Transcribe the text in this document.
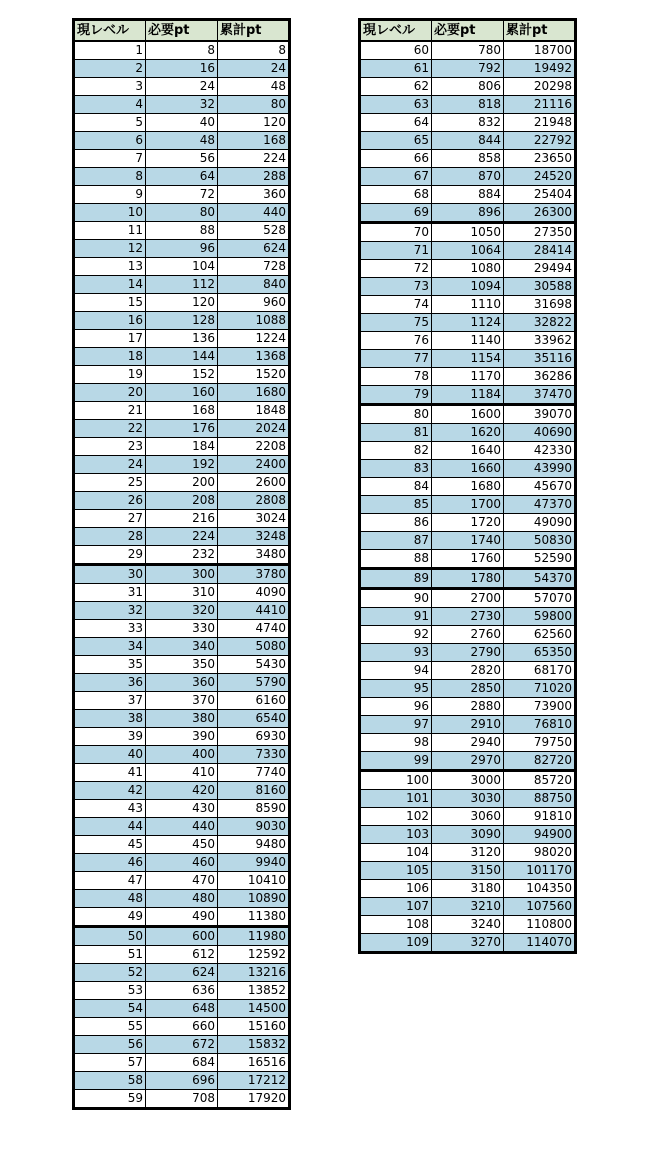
現レベル	必要pt	累計pt
1	8	8
2	16	24
3	24	48
4	32	80
5	40	120
6	48	168
7	56	224
8	64	288
9	72	360
10	80	440
11	88	528
12	96	624
13	104	728
14	112	840
15	120	960
16	128	1088
17	136	1224
18	144	1368
19	152	1520
20	160	1680
21	168	1848
22	176	2024
23	184	2208
24	192	2400
25	200	2600
26	208	2808
27	216	3024
28	224	3248
29	232	3480
30	300	3780
31	310	4090
32	320	4410
33	330	4740
34	340	5080
35	350	5430
36	360	5790
37	370	6160
38	380	6540
39	390	6930
40	400	7330
41	410	7740
42	420	8160
43	430	8590
44	440	9030
45	450	9480
46	460	9940
47	470	10410
48	480	10890
49	490	11380
50	600	11980
51	612	12592
52	624	13216
53	636	13852
54	648	14500
55	660	15160
56	672	15832
57	684	16516
58	696	17212
59	708	17920
現レベル	必要pt	累計pt
60	780	18700
61	792	19492
62	806	20298
63	818	21116
64	832	21948
65	844	22792
66	858	23650
67	870	24520
68	884	25404
69	896	26300
70	1050	27350
71	1064	28414
72	1080	29494
73	1094	30588
74	1110	31698
75	1124	32822
76	1140	33962
77	1154	35116
78	1170	36286
79	1184	37470
80	1600	39070
81	1620	40690
82	1640	42330
83	1660	43990
84	1680	45670
85	1700	47370
86	1720	49090
87	1740	50830
88	1760	52590
89	1780	54370
90	2700	57070
91	2730	59800
92	2760	62560
93	2790	65350
94	2820	68170
95	2850	71020
96	2880	73900
97	2910	76810
98	2940	79750
99	2970	82720
100	3000	85720
101	3030	88750
102	3060	91810
103	3090	94900
104	3120	98020
105	3150	101170
106	3180	104350
107	3210	107560
108	3240	110800
109	3270	114070
